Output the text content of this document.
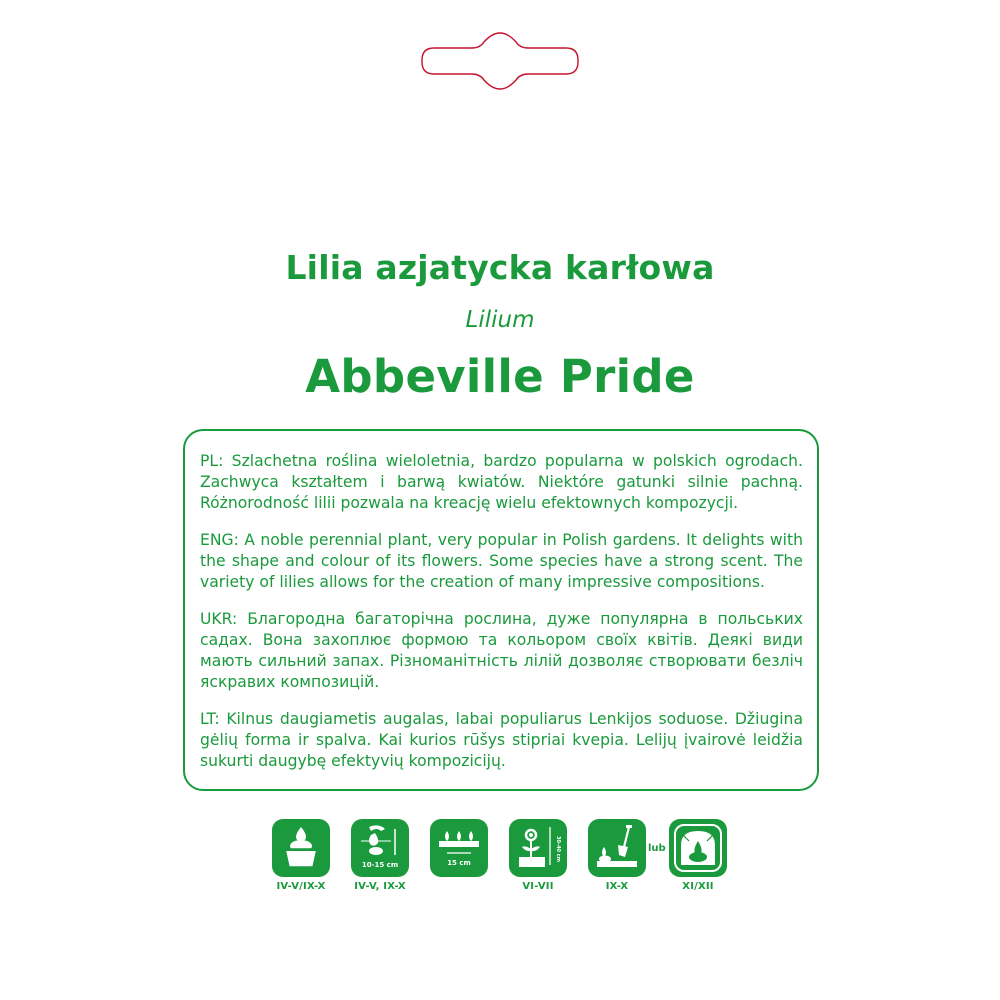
Lilia azjatycka karłowa
Lilium
Abbeville Pride

PL: Szlachetna roślina wieloletnia, bardzo popularna w polskich ogrodach. Zachwyca kształtem i barwą kwiatów. Niektóre gatunki silnie pachną. Różnorodność lilii pozwala na kreację wielu efektownych kompozycji.

ENG: A noble perennial plant, very popular in Polish gardens. It delights with the shape and colour of its flowers. Some species have a strong scent. The variety of lilies allows for the creation of many impressive compositions.

UKR: Благородна багаторічна рослина, дуже популярна в польських садах. Вона захоплює формою та кольором своїх квітів. Деякі види мають сильний запах. Різноманітність лілій дозволяє створювати безліч яскравих композицій.

LT: Kilnus daugiametis augalas, labai populiarus Lenkijos soduose. Džiugina gėlių forma ir spalva. Kai kurios rūšys stipriai kvepia. Lelijų įvairovė leidžia sukurti daugybę efektyvių kompozicijų.

IV-V/IX-X
10-15 cm
IV-V, IX-X
15 cm
30-40 cm
VI-VII	IX-X	XI/XII
lub
